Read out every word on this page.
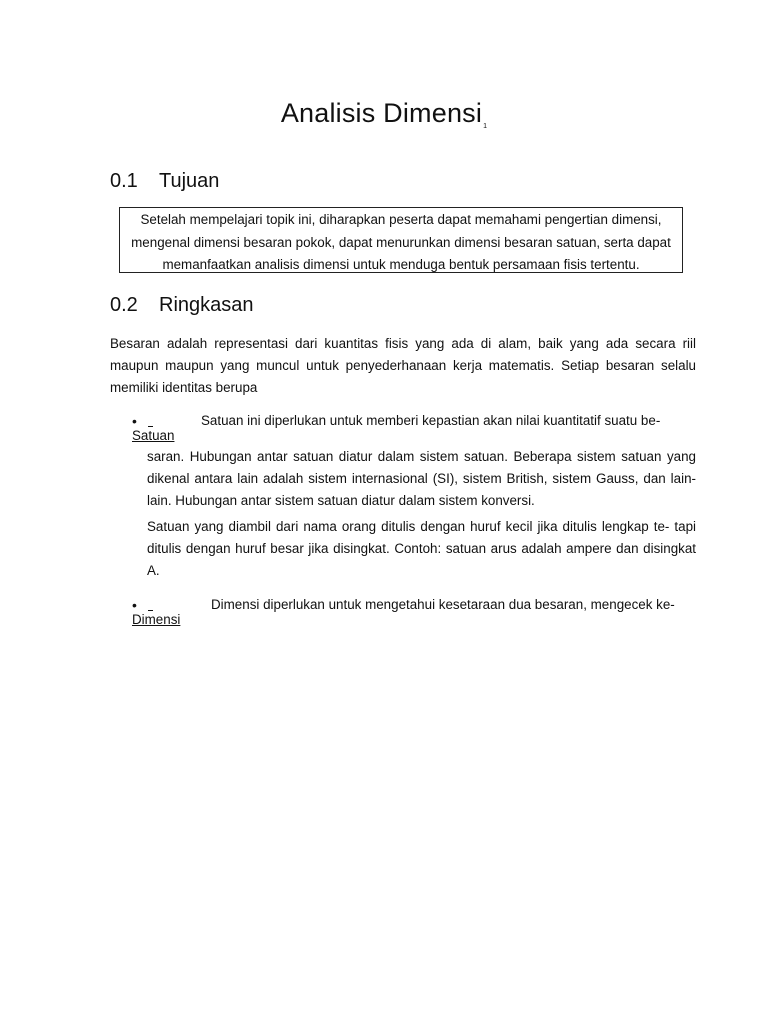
Analisis Dimensi$^1$
0.1 Tujuan
Setelah mempelajari topik ini, diharapkan peserta dapat memahami pengertian dimensi, mengenal dimensi besaran pokok, dapat menurunkan dimensi besaran satuan, serta dapat memanfaatkan analisis dimensi untuk menduga bentuk persamaan fisis tertentu.
0.2 Ringkasan
Besaran adalah representasi dari kuantitas fisis yang ada di alam, baik yang ada secara riil maupun maupun yang muncul untuk penyederhanaan kerja matematis. Setiap besaran selalu memiliki identitas berupa
•
Satuan
Satuan ini diperlukan untuk memberi kepastian akan nilai kuantitatif suatu be-

saran. Hubungan antar satuan diatur dalam sistem satuan. Beberapa sistem satuan yang dikenal antara lain adalah sistem internasional (SI), sistem British, sistem Gauss, dan lain-lain. Hubungan antar sistem satuan diatur dalam sistem konversi.

Satuan yang diambil dari nama orang ditulis dengan huruf kecil jika ditulis lengkap te- tapi ditulis dengan huruf besar jika disingkat. Contoh: satuan arus adalah ampere dan disingkat A.

•
Dimensi
Dimensi diperlukan untuk mengetahui kesetaraan dua besaran, mengecek ke-
